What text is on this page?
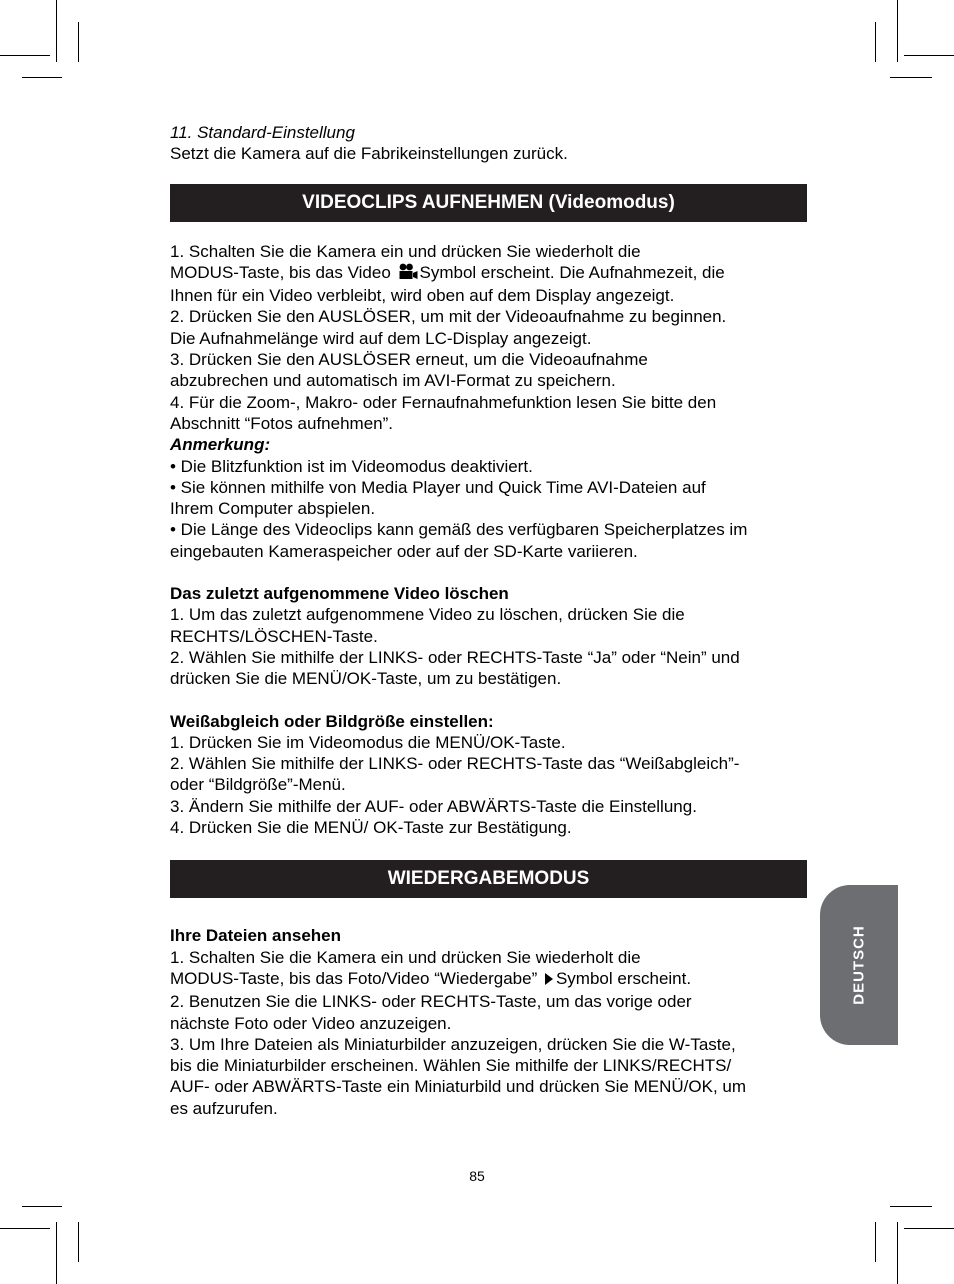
11. Standard-Einstellung

Setzt die Kamera auf die Fabrikeinstellungen zurück.

VIDEOCLIPS AUFNEHMEN (Videomodus)

1. Schalten Sie die Kamera ein und drücken Sie wiederholt die

MODUS-Taste, bis das Video Symbol erscheint. Die Aufnahmezeit, die

Ihnen für ein Video verbleibt, wird oben auf dem Display angezeigt.

2. Drücken Sie den AUSLÖSER, um mit der Videoaufnahme zu beginnen.

Die Aufnahmelänge wird auf dem LC-Display angezeigt.

3. Drücken Sie den AUSLÖSER erneut, um die Videoaufnahme

abzubrechen und automatisch im AVI-Format zu speichern.

4. Für die Zoom-, Makro- oder Fernaufnahmefunktion lesen Sie bitte den

Abschnitt “Fotos aufnehmen”.

Anmerkung:

• Die Blitzfunktion ist im Videomodus deaktiviert.

• Sie können mithilfe von Media Player und Quick Time AVI-Dateien auf

Ihrem Computer abspielen.

• Die Länge des Videoclips kann gemäß des verfügbaren Speicherplatzes im

eingebauten Kameraspeicher oder auf der SD-Karte variieren.

Das zuletzt aufgenommene Video löschen

1. Um das zuletzt aufgenommene Video zu löschen, drücken Sie die

RECHTS/LÖSCHEN-Taste.

2. Wählen Sie mithilfe der LINKS- oder RECHTS-Taste “Ja” oder “Nein” und

drücken Sie die MENÜ/OK-Taste, um zu bestätigen.

Weißabgleich oder Bildgröße einstellen:

1. Drücken Sie im Videomodus die MENÜ/OK-Taste.

2. Wählen Sie mithilfe der LINKS- oder RECHTS-Taste das “Weißabgleich”-

oder “Bildgröße”-Menü.

3. Ändern Sie mithilfe der AUF- oder ABWÄRTS-Taste die Einstellung.

4. Drücken Sie die MENÜ/ OK-Taste zur Bestätigung.

WIEDERGABEMODUS

Ihre Dateien ansehen

1. Schalten Sie die Kamera ein und drücken Sie wiederholt die

MODUS-Taste, bis das Foto/Video “Wiedergabe” Symbol erscheint.

2. Benutzen Sie die LINKS- oder RECHTS-Taste, um das vorige oder

nächste Foto oder Video anzuzeigen.

3. Um Ihre Dateien als Miniaturbilder anzuzeigen, drücken Sie die W-Taste,

bis die Miniaturbilder erscheinen. Wählen Sie mithilfe der LINKS/RECHTS/

AUF- oder ABWÄRTS-Taste ein Miniaturbild und drücken Sie MENÜ/OK, um

es aufzurufen.

DEUTSCH
85
